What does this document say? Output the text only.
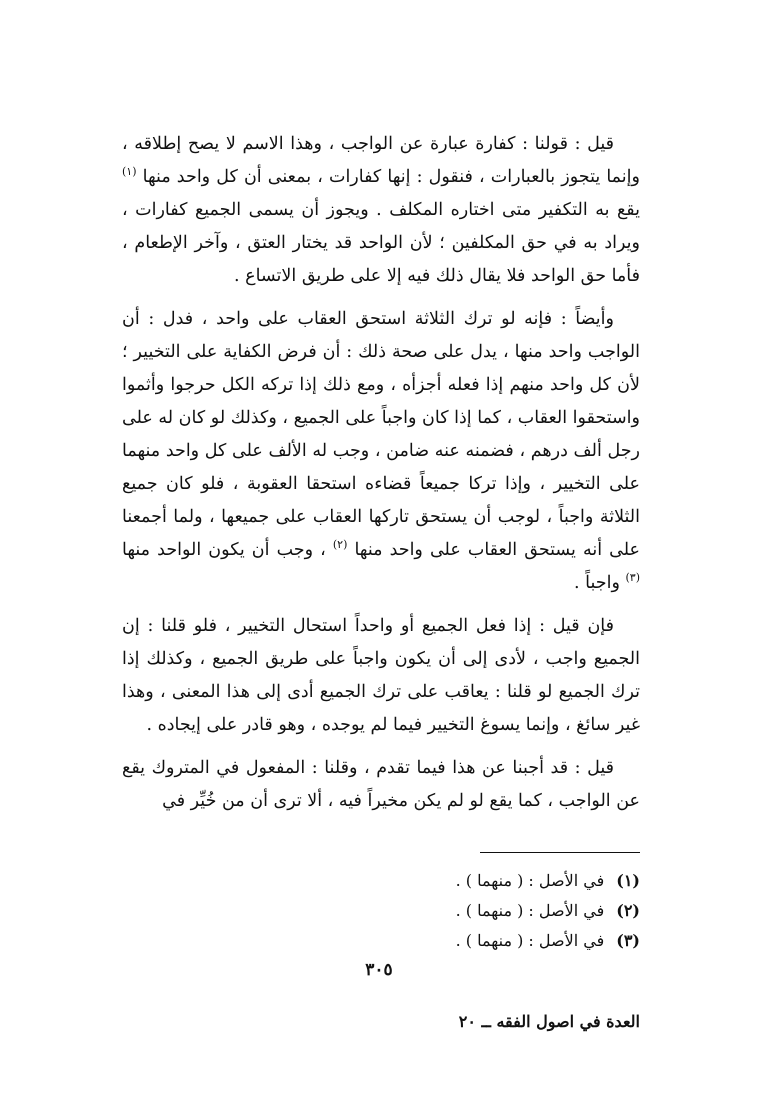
قيل : قولنا : كفارة عبارة عن الواجب ، وهذا الاسم لا يصح إطلاقه ، وإنما يتجوز بالعبارات ، فنقول : إنها كفارات ، بمعنى أن كل واحد منها $^{(١)}$ يقع به التكفير متى اختاره المكلف . ويجوز أن يسمى الجميع كفارات ، ويراد به في حق المكلفين ؛ لأن الواحد قد يختار العتق ، وآخر الإطعام ، فأما حق الواحد فلا يقال ذلك فيه إلا على طريق الاتساع .

وأيضاً : فإنه لو ترك الثلاثة استحق العقاب على واحد ، فدل : أن الواجب واحد منها ، يدل على صحة ذلك : أن فرض الكفاية على التخيير ؛ لأن كل واحد منهم إذا فعله أجزأه ، ومع ذلك إذا تركه الكل حرجوا وأثموا واستحقوا العقاب ، كما إذا كان واجباً على الجميع ، وكذلك لو كان له على رجل ألف درهم ، فضمنه عنه ضامن ، وجب له الألف على كل واحد منهما على التخيير ، وإذا تركا جميعاً قضاءه استحقا العقوبة ، فلو كان جميع الثلاثة واجباً ، لوجب أن يستحق تاركها العقاب على جميعها ، ولما أجمعنا على أنه يستحق العقاب على واحد منها $^{(٢)}$ ، وجب أن يكون الواحد منها $^{(٣)}$ واجباً .

فإن قيل : إذا فعل الجميع أو واحداً استحال التخيير ، فلو قلنا : إن الجميع واجب ، لأدى إلى أن يكون واجباً على طريق الجميع ، وكذلك إذا ترك الجميع لو قلنا : يعاقب على ترك الجميع أدى إلى هذا المعنى ، وهذا غير سائغ ، وإنما يسوغ التخيير فيما لم يوجده ، وهو قادر على إيجاده .

قيل : قد أجبنا عن هذا فيما تقدم ، وقلنا : المفعول في المتروك يقع عن الواجب ، كما يقع لو لم يكن مخيراً فيه ، ألا ترى أن من خُيِّر في

(١)في الأصل : ( منهما ) .

(٢)في الأصل : ( منهما ) .

(٣)في الأصل : ( منهما ) .

٣٠٥
العدة في اصول الفقه ــ ٢٠
